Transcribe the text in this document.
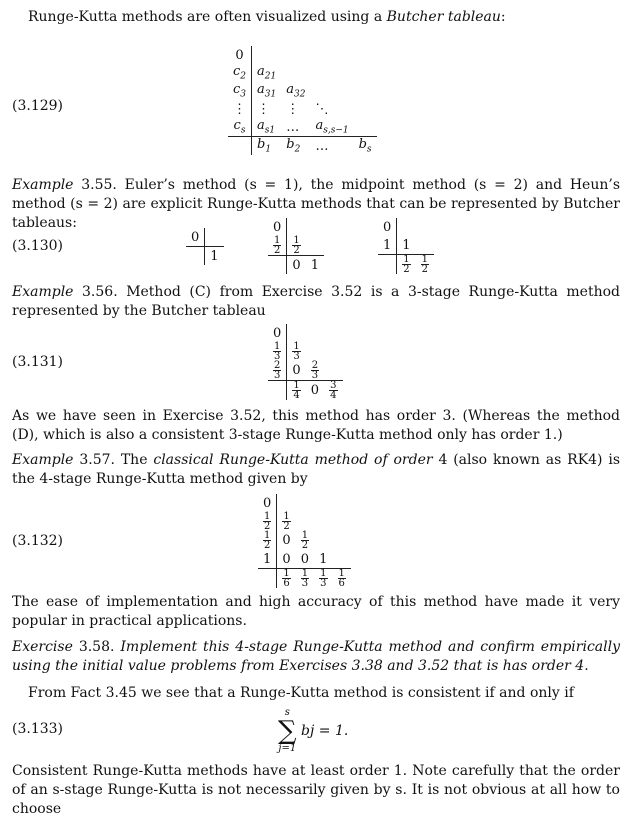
Runge-Kutta methods are often visualized using a Butcher tableau:
(3.129)
0				
$c_2$	$a_{21}$			
$c_3$	$a_{31}$	$a_{32}$		
⋮	⋮	⋮	⋱	
$c_s$	$a_{s1}$	…	$a_{s,s-1}$	
	$b_1$	$b_2$	…	$b_s$
Example 3.55. Euler’s method (s = 1), the midpoint method (s = 2) and Heun’s method (s = 2) are explicit Runge-Kutta methods that can be represented by Butcher tableaus:
(3.130)
0	
	1
0		

$\frac{1}{2}$	$\frac{1}{2}$

	0	1
0		
1	1	

	$\frac{1}{2}$	$\frac{1}{2}$
Example 3.56. Method (C) from Exercise 3.52 is a 3-stage Runge-Kutta method represented by the Butcher tableau
(3.131)
0			

$\frac{1}{3}$	$\frac{1}{3}$

$\frac{2}{3}$	0	$\frac{2}{3}$

	$\frac{1}{4}$	0	$\frac{3}{4}$
As we have seen in Exercise 3.52, this method has order 3. (Whereas the method (D), which is also a consistent 3-stage Runge-Kutta method only has order 1.)
Example 3.57. The classical Runge-Kutta method of order 4 (also known as RK4) is the 4-stage Runge-Kutta method given by
(3.132)
0				

$\frac{1}{2}$	$\frac{1}{2}$

$\frac{1}{2}$	0	$\frac{1}{2}$

1	0	0	1	

	$\frac{1}{6}$	$\frac{1}{3}$	$\frac{1}{3}$	$\frac{1}{6}$
The ease of implementation and high accuracy of this method have made it very popular in practical applications.
Exercise 3.58. Implement this 4-stage Runge-Kutta method and confirm empirically using the initial value problems from Exercises 3.38 and 3.52 that is has order 4.
From Fact 3.45 we see that a Runge-Kutta method is consistent if and only if
(3.133)
s
∑
j=1
bj = 1.
Consistent Runge-Kutta methods have at least order 1. Note carefully that the order of an s-stage Runge-Kutta is not necessarily given by s. It is not obvious at all how to choose
